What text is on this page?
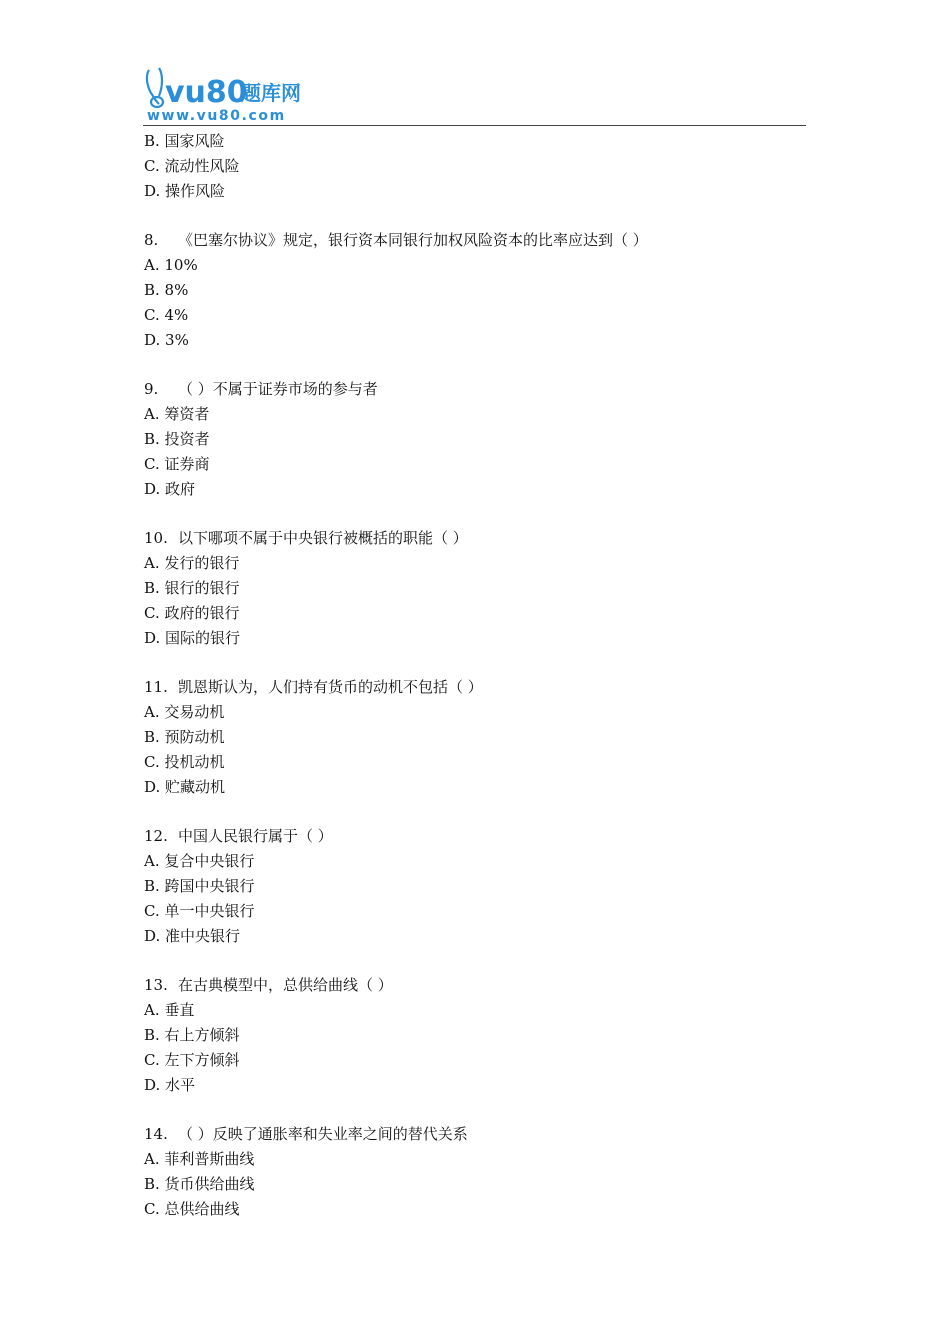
vu80
题库网
www.vu80.com
B. 国家风险
C. 流动性风险
D. 操作风险
8. 《巴塞尔协议》规定，银行资本同银行加权风险资本的比率应达到（ ）
A. 10%
B. 8%
C. 4%
D. 3%
9. （ ）不属于证券市场的参与者
A. 筹资者
B. 投资者
C. 证券商
D. 政府
10. 以下哪项不属于中央银行被概括的职能（ ）
A. 发行的银行
B. 银行的银行
C. 政府的银行
D. 国际的银行
11. 凯恩斯认为，人们持有货币的动机不包括（ ）
A. 交易动机
B. 预防动机
C. 投机动机
D. 贮藏动机
12. 中国人民银行属于（ ）
A. 复合中央银行
B. 跨国中央银行
C. 单一中央银行
D. 准中央银行
13. 在古典模型中，总供给曲线（ ）
A. 垂直
B. 右上方倾斜
C. 左下方倾斜
D. 水平
14. （ ）反映了通胀率和失业率之间的替代关系
A. 菲利普斯曲线
B. 货币供给曲线
C. 总供给曲线
